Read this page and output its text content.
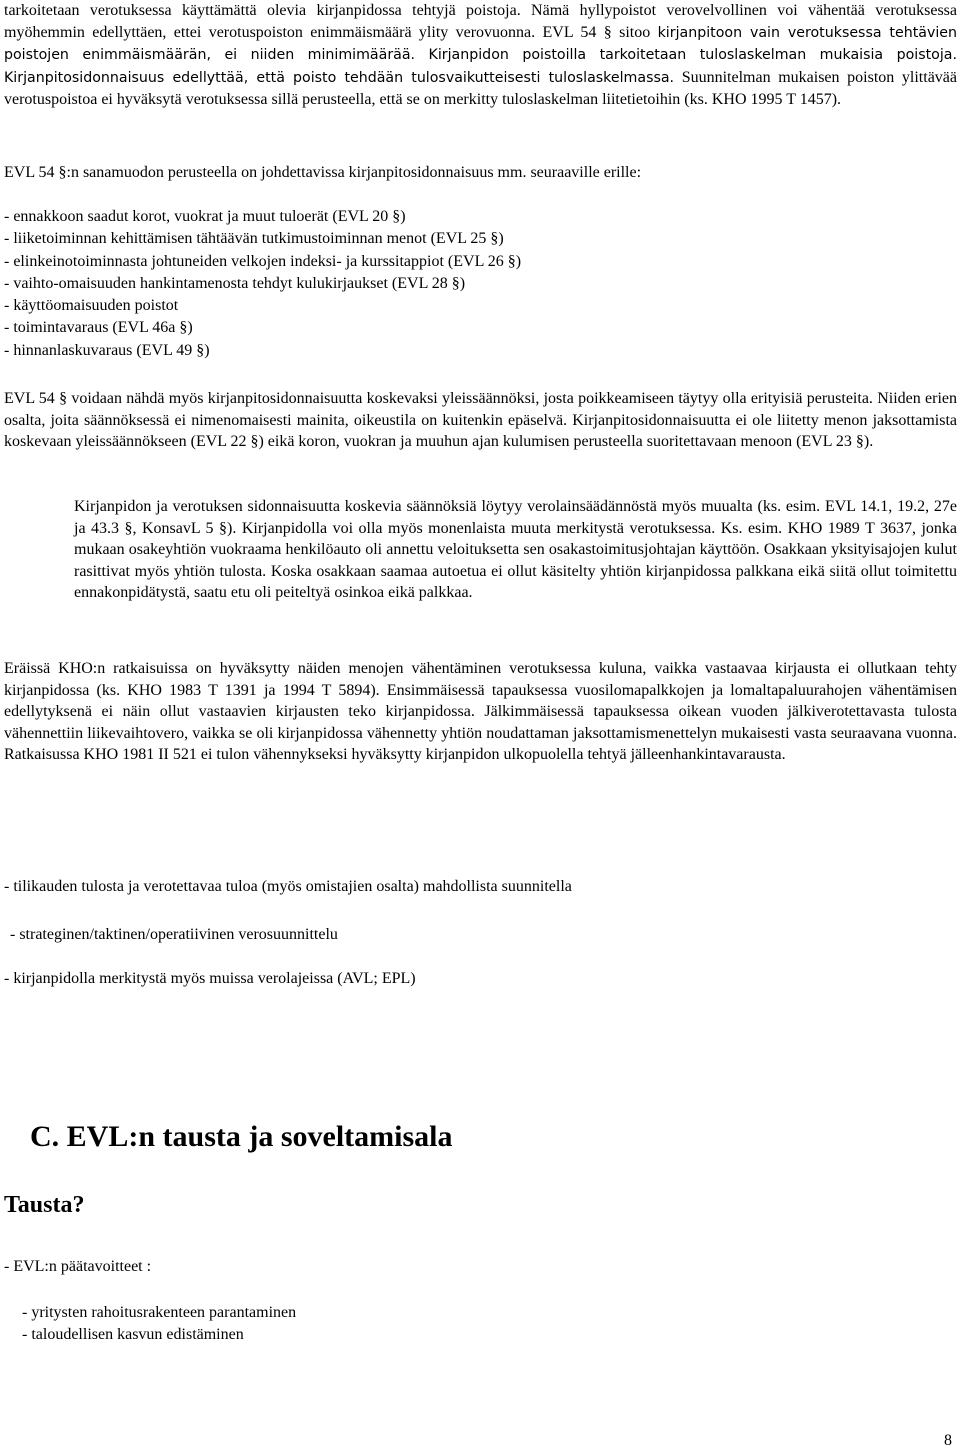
tarkoitetaan verotuksessa käyttämättä olevia kirjanpidossa tehtyjä poistoja. Nämä hyllypoistot verovelvollinen voi vähentää verotuksessa myöhemmin edellyttäen, ettei verotuspoiston enimmäismäärä ylity verovuonna. EVL 54 § sitoo kirjanpitoon vain verotuksessa tehtävien poistojen enimmäismäärän, ei niiden minimimäärää. Kirjanpidon poistoilla tarkoitetaan tuloslaskelman mukaisia poistoja. Kirjanpitosidonnaisuus edellyttää, että poisto tehdään tulosvaikutteisesti tuloslaskelmassa. Suunnitelman mukaisen poiston ylittävää verotuspoistoa ei hyväksytä verotuksessa sillä perusteella, että se on merkitty tuloslaskelman liitetietoihin (ks. KHO 1995 T 1457).

EVL 54 §:n sanamuodon perusteella on johdettavissa kirjanpitosidonnaisuus mm. seuraaville erille:

- ennakkoon saadut korot, vuokrat ja muut tuloerät (EVL 20 §)
- liiketoiminnan kehittämisen tähtäävän tutkimustoiminnan menot (EVL 25 §)
- elinkeinotoiminnasta johtuneiden velkojen indeksi- ja kurssitappiot (EVL 26 §)
- vaihto-omaisuuden hankintamenosta tehdyt kulukirjaukset (EVL 28 §)
- käyttöomaisuuden poistot
- toimintavaraus (EVL 46a §)
- hinnanlaskuvaraus (EVL 49 §)

EVL 54 § voidaan nähdä myös kirjanpitosidonnaisuutta koskevaksi yleissäännöksi, josta poikkeamiseen täytyy olla erityisiä perusteita. Niiden erien osalta, joita säännöksessä ei nimenomaisesti mainita, oikeustila on kuitenkin epäselvä. Kirjanpitosidonnaisuutta ei ole liitetty menon jaksottamista koskevaan yleissäännökseen (EVL 22 §) eikä koron, vuokran ja muuhun ajan kulumisen perusteella suoritettavaan menoon (EVL 23 §).

Kirjanpidon ja verotuksen sidonnaisuutta koskevia säännöksiä löytyy verolainsäädännöstä myös muualta (ks. esim. EVL 14.1, 19.2, 27e ja 43.3 §, KonsavL 5 §). Kirjanpidolla voi olla myös monenlaista muuta merkitystä verotuksessa. Ks. esim. KHO 1989 T 3637, jonka mukaan osakeyhtiön vuokraama henkilöauto oli annettu veloituksetta sen osakastoimitusjohtajan käyttöön. Osakkaan yksityisajojen kulut rasittivat myös yhtiön tulosta. Koska osakkaan saamaa autoetua ei ollut käsitelty yhtiön kirjanpidossa palkkana eikä siitä ollut toimitettu ennakonpidätystä, saatu etu oli peiteltyä osinkoa eikä palkkaa.

Eräissä KHO:n ratkaisuissa on hyväksytty näiden menojen vähentäminen verotuksessa kuluna, vaikka vastaavaa kirjausta ei ollutkaan tehty kirjanpidossa (ks. KHO 1983 T 1391 ja 1994 T 5894). Ensimmäisessä tapauksessa vuosilomapalkkojen ja lomaltapaluurahojen vähentämisen edellytyksenä ei näin ollut vastaavien kirjausten teko kirjanpidossa. Jälkimmäisessä tapauksessa oikean vuoden jälkiverotettavasta tulosta vähennettiin liikevaihtovero, vaikka se oli kirjanpidossa vähennetty yhtiön noudattaman jaksottamismenettelyn mukaisesti vasta seuraavana vuonna. Ratkaisussa KHO 1981 II 521 ei tulon vähennykseksi hyväksytty kirjanpidon ulkopuolella tehtyä jälleenhankintavarausta.

- tilikauden tulosta ja verotettavaa tuloa (myös omistajien osalta) mahdollista suunnitella
- strateginen/taktinen/operatiivinen verosuunnittelu
- kirjanpidolla merkitystä myös muissa verolajeissa (AVL; EPL)
C. EVL:n tausta ja soveltamisala
Tausta?
- EVL:n päätavoitteet :
- yritysten rahoitusrakenteen parantaminen
- taloudellisen kasvun edistäminen
8
